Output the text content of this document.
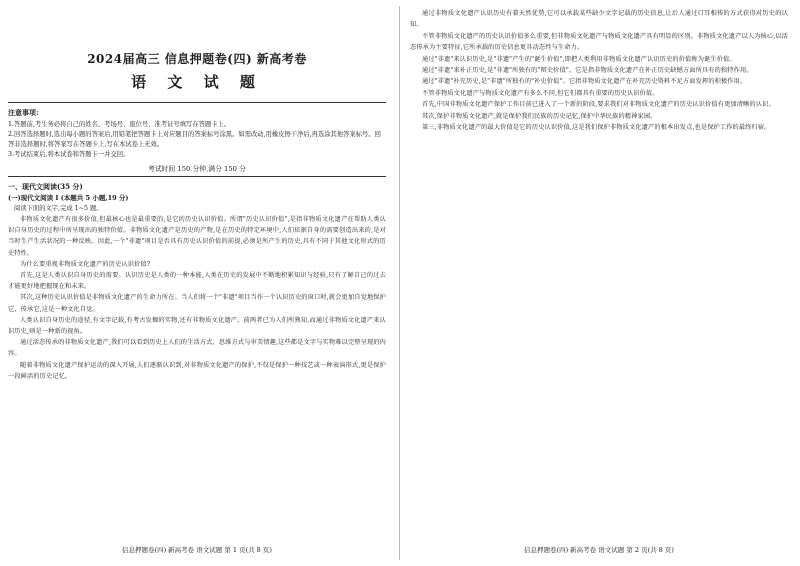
2024届高三 信息押题卷(四) 新高考卷
语 文 试 题
注意事项:
1.答题前,考生务必将自己的姓名、考场号、座位号、准考证号填写在答题卡上。
2.回答选择题时,选出每小题的答案后,用铅笔把答题卡上对应题目的答案标号涂黑。如需改动,用橡皮擦干净后,再选涂其他答案标号。回答非选择题时,将答案写在答题卡上,写在本试卷上无效。
3.考试结束后,将本试卷和答题卡一并交回。
考试时间 150 分钟,满分 150 分
一、现代文阅读(35 分)
(一)现代文阅读 I (本题共 5 小题,19 分)
阅读下面的文字,完成 1~5 题。

非物质文化遗产有很多价值,但最核心也是最重要的,是它的历史认识价值。所谓"历史认识价值",是指非物质文化遗产在帮助人类认识自身历史的过程中所呈现出的独特价值。非物质文化遗产是历史的产物,是在历史的特定环境中,人们依据自身的需要创造出来的,是对当时生产生活状况的一种反映。因此,一个"非遗"项目是否具有历史认识价值的前提,必须是所产生的历史,具有不同于其他文化形式的历史特性。

为什么要重视非物质文化遗产的历史认识价值?

首先,这是人类认识自身历史的需要。认识历史是人类的一种本能,人类在历史的发展中不断地积累知识与经验,只有了解自己的过去才能更好地把握现在和未来。

其次,这种历史认识价值是非物质文化遗产的生命力所在。当人们将一个"非遗"项目当作一个认识历史的窗口时,就会更加自觉地保护它、传承它,这是一种文化自觉。

人类认识自身历史的途径,有文字记载,有考古发掘的实物,还有非物质文化遗产。前两者已为人们所熟知,而通过非物质文化遗产来认识历史,则是一种新的视角。

通过活态传承的非物质文化遗产,我们可以看到历史上人们的生活方式、思维方式与审美情趣,这些都是文字与实物难以完整呈现的内容。

随着非物质文化遗产保护运动的深入开展,人们逐渐认识到,对非物质文化遗产的保护,不仅是保护一种技艺或一种表演形式,更是保护一段鲜活的历史记忆。

信息押题卷(四) 新高考卷 语文试题 第 1 页(共 8 页)

通过非物质文化遗产认识历史有着天然优势,它可以承载某些缺少文字记载的历史信息,让后人通过口耳相传的方式获得对历史的认知。

不管非物质文化遗产的历史认识价值多么重要,但非物质文化遗产与物质文化遗产具有明显的区别。非物质文化遗产以人为核心,以活态传承为主要特征,它所承载的历史信息更具动态性与生命力。

通过"非遗"来认识历史,是"非遗"产生的"诞生价值",即把人类利用非物质文化遗产认识历史的价值称为诞生价值。

通过"非遗"来补正历史,是"非遗"所独有的"辩史价值"。它是指非物质文化遗产在补正历史缺憾方面所具有的独特作用。

通过"非遗"补充历史,是"非遗"所独有的"补史价值"。它指非物质文化遗产在补充历史资料不足方面发挥的积极作用。

不管非物质文化遗产与物质文化遗产有多么不同,但它们都具有重要的历史认识价值。

首先,中国非物质文化遗产保护工作目前已进入了一个新的阶段,要求我们对非物质文化遗产的历史认识价值有更加清晰的认识。

其次,保护非物质文化遗产,就是保护我们民族的历史记忆,保护中华民族的精神家园。

第三,非物质文化遗产的最大价值是它的历史认识价值,这是我们保护非物质文化遗产的根本出发点,也是保护工作的最终归宿。

信息押题卷(四) 新高考卷 语文试题 第 2 页(共 8 页)
